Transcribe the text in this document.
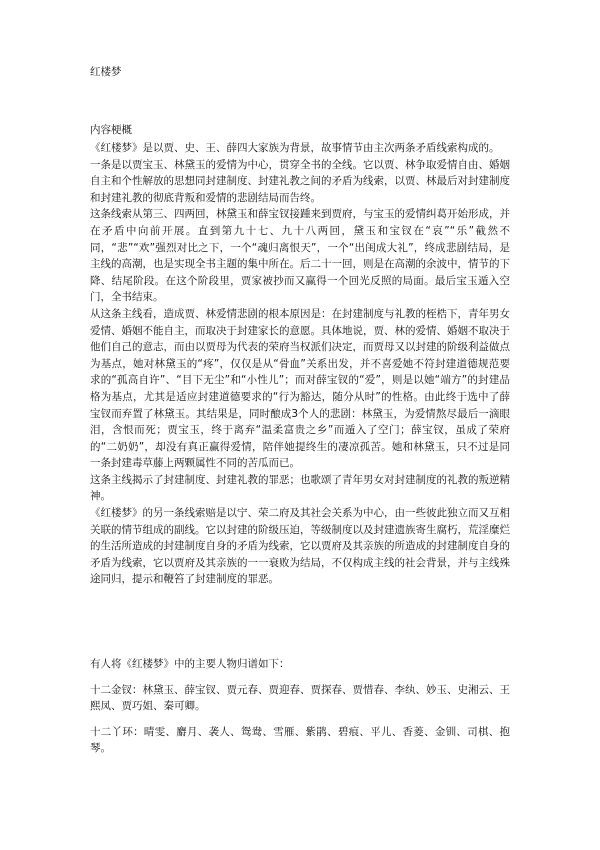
红楼梦
内容梗概

《红楼梦》是以贾、史、王、薛四大家族为背景，故事情节由主次两条矛盾线索构成的。

一条是以贾宝玉、林黛玉的爱情为中心，贯穿全书的全线。它以贾、林争取爱情自由、婚姻自主和个性解放的思想同封建制度、封建礼教之间的矛盾为线索，以贾、林最后对封建制度和封建礼教的彻底背叛和爱情的悲剧结局而告终。

这条线索从第三、四两回，林黛玉和薛宝钗接踵来到贾府，与宝玉的爱情纠葛开始形成，并在矛盾中向前开展。直到第九十七、九十八两回，黛玉和宝钗在“哀”“乐”截然不同，“悲”“欢”强烈对比之下，一个“魂归离恨天”，一个“出闺成大礼”，终成悲剧结局，是主线的高潮，也是实现全书主题的集中所在。后二十一回，则是在高潮的余波中，情节的下降、结尾阶段。在这个阶段里，贾家被抄而又赢得一个回光反照的局面。最后宝玉遁入空门，全书结束。

从这条主线看，造成贾、林爱情悲剧的根本原因是：在封建制度与礼教的桎梏下，青年男女爱情、婚姻不能自主，而取决于封建家长的意愿。具体地说，贾、林的爱情、婚姻不取决于他们自己的意志，而由以贾母为代表的荣府当权派们决定，而贾母又以封建的阶级利益做点为基点，她对林黛玉的“疼”，仅仅是从“骨血”关系出发，并不喜爱她不符封建道德规范要求的“孤高自许”、“目下无尘”和“小性儿”；而对薛宝钗的“爱”，则是以她“端方”的封建品格为基点，尤其是适应封建道德要求的“行为豁达，随分从时”的性格。由此终于选中了薛宝钗而弃置了林黛玉。其结果是，同时酿成3个人的悲剧：林黛玉，为爱情熬尽最后一滴眼泪，含恨而死；贾宝玉，终于离弃“温柔富贵之乡”而遁入了空门；薛宝钗，虽成了荣府的“二奶奶”，却没有真正赢得爱情，陪伴她提终生的凄凉孤苦。她和林黛玉，只不过是同一条封建毒草藤上两颗属性不同的苦瓜而已。

这条主线揭示了封建制度、封建礼教的罪恶；也歌颂了青年男女对封建制度的礼教的叛逆精神。

《红楼梦》的另一条线索赔是以宁、荣二府及其社会关系为中心，由一些彼此独立而又互相关联的情节组成的副线。它以封建的阶级压迫，等级制度以及封建遗族寄生腐朽，荒淫糜烂的生活所造成的封建制度自身的矛盾为线索，它以贾府及其亲族的所造成的封建制度自身的矛盾为线索，它以贾府及其亲族的一一衰败为结局，不仅构成主线的社会背景，并与主线殊途同归，提示和鞭笞了封建制度的罪恶。

有人将《红楼梦》中的主要人物归谱如下：

十二金钗：林黛玉、薛宝钗、贾元春、贾迎春、贾探春、贾惜春、李纨、妙玉、史湘云、王熙凤、贾巧姐、秦可卿。

十二丫环：晴雯、麝月、袭人、鸳鸯、雪雁、紫鹃、碧痕、平儿、香菱、金钏、司棋、抱琴。
